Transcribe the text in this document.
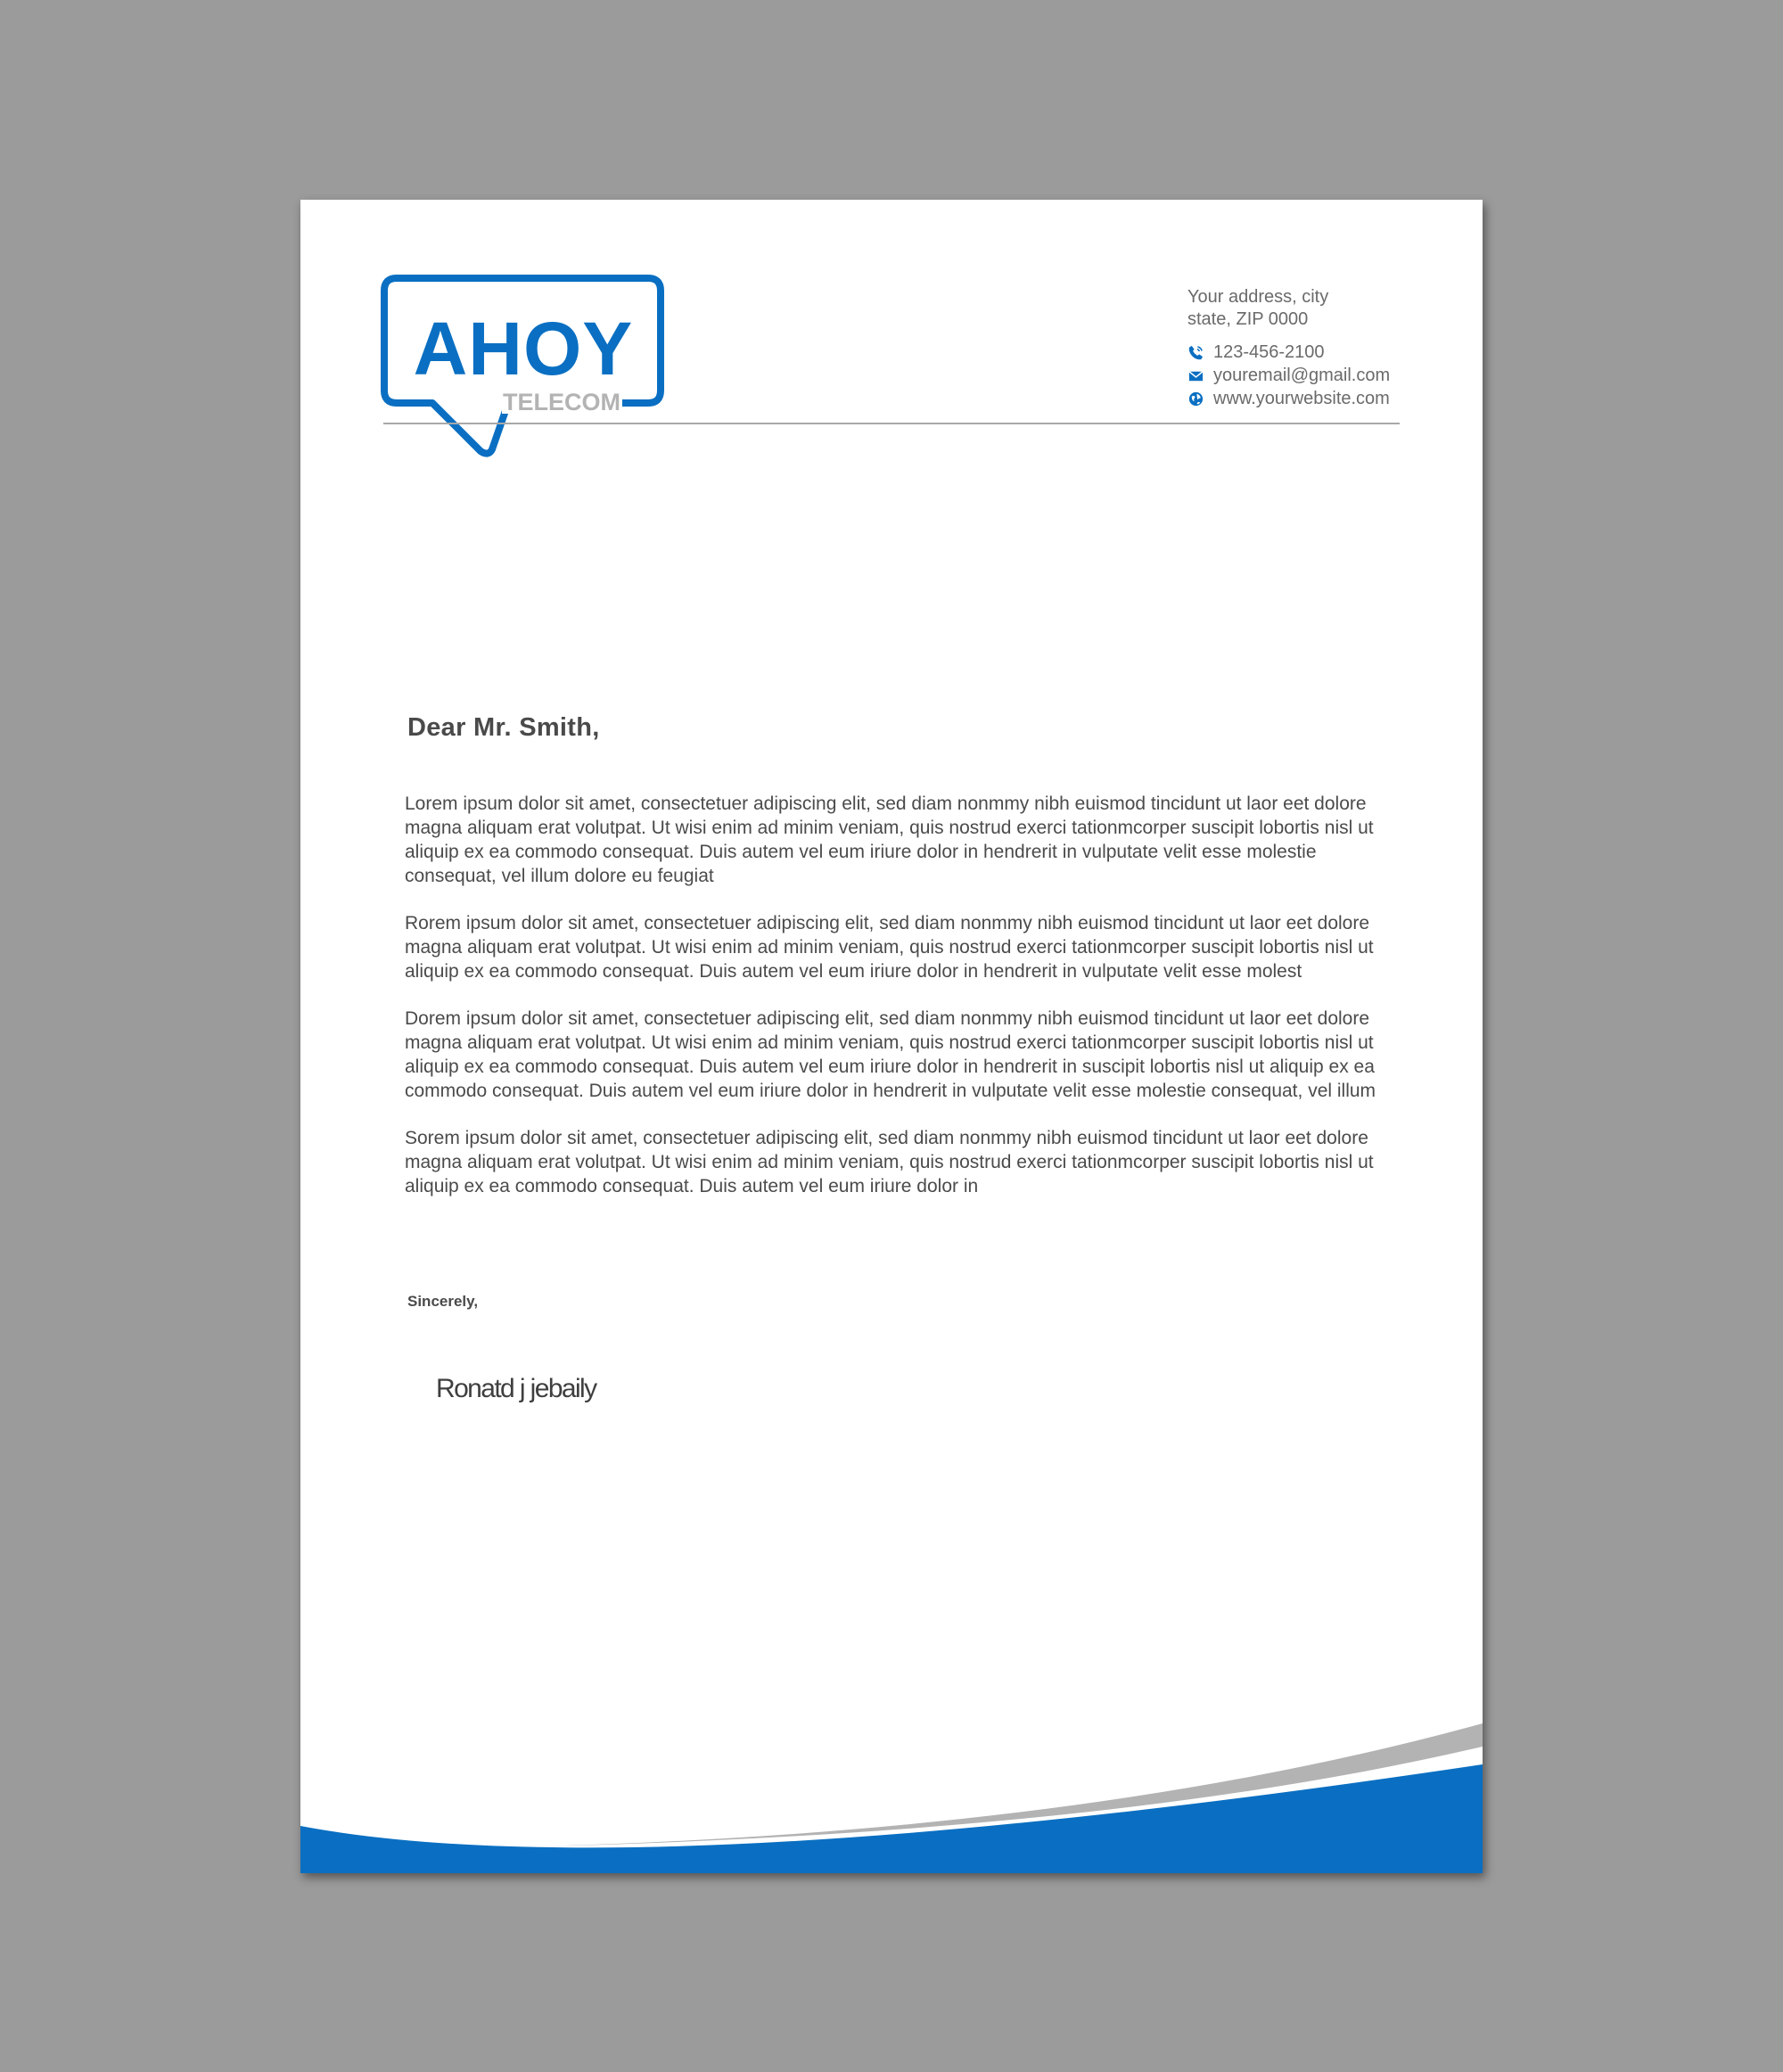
AHOY
TELECOM
Your address, city
state, ZIP 0000
123-456-2100
youremail@gmail.com
www.yourwebsite.com
Dear Mr. Smith,

Lorem ipsum dolor sit amet, consectetuer adipiscing elit, sed diam nonmmy nibh euismod tincidunt ut laor eet dolore magna aliquam erat volutpat. Ut wisi enim ad minim veniam, quis nostrud exerci tationmcorper suscipit lobortis nisl ut aliquip ex ea commodo consequat. Duis autem vel eum iriure dolor in hendrerit in vulputate velit esse molestie consequat, vel illum dolore eu feugiat

Rorem ipsum dolor sit amet, consectetuer adipiscing elit, sed diam nonmmy nibh euismod tincidunt ut laor eet dolore magna aliquam erat volutpat. Ut wisi enim ad minim veniam, quis nostrud exerci tationmcorper suscipit lobortis nisl ut aliquip ex ea commodo consequat. Duis autem vel eum iriure dolor in hendrerit in vulputate velit esse molest

Dorem ipsum dolor sit amet, consectetuer adipiscing elit, sed diam nonmmy nibh euismod tincidunt ut laor eet dolore magna aliquam erat volutpat. Ut wisi enim ad minim veniam, quis nostrud exerci tationmcorper suscipit lobortis nisl ut aliquip ex ea commodo consequat. Duis autem vel eum iriure dolor in hendrerit in suscipit lobortis nisl ut aliquip ex ea commodo consequat. Duis autem vel eum iriure dolor in hendrerit in vulputate velit esse molestie consequat, vel illum

Sorem ipsum dolor sit amet, consectetuer adipiscing elit, sed diam nonmmy nibh euismod tincidunt ut laor eet dolore magna aliquam erat volutpat. Ut wisi enim ad minim veniam, quis nostrud exerci tationmcorper suscipit lobortis nisl ut aliquip ex ea commodo consequat. Duis autem vel eum iriure dolor in

Sincerely,
Ronatd j jebaily
